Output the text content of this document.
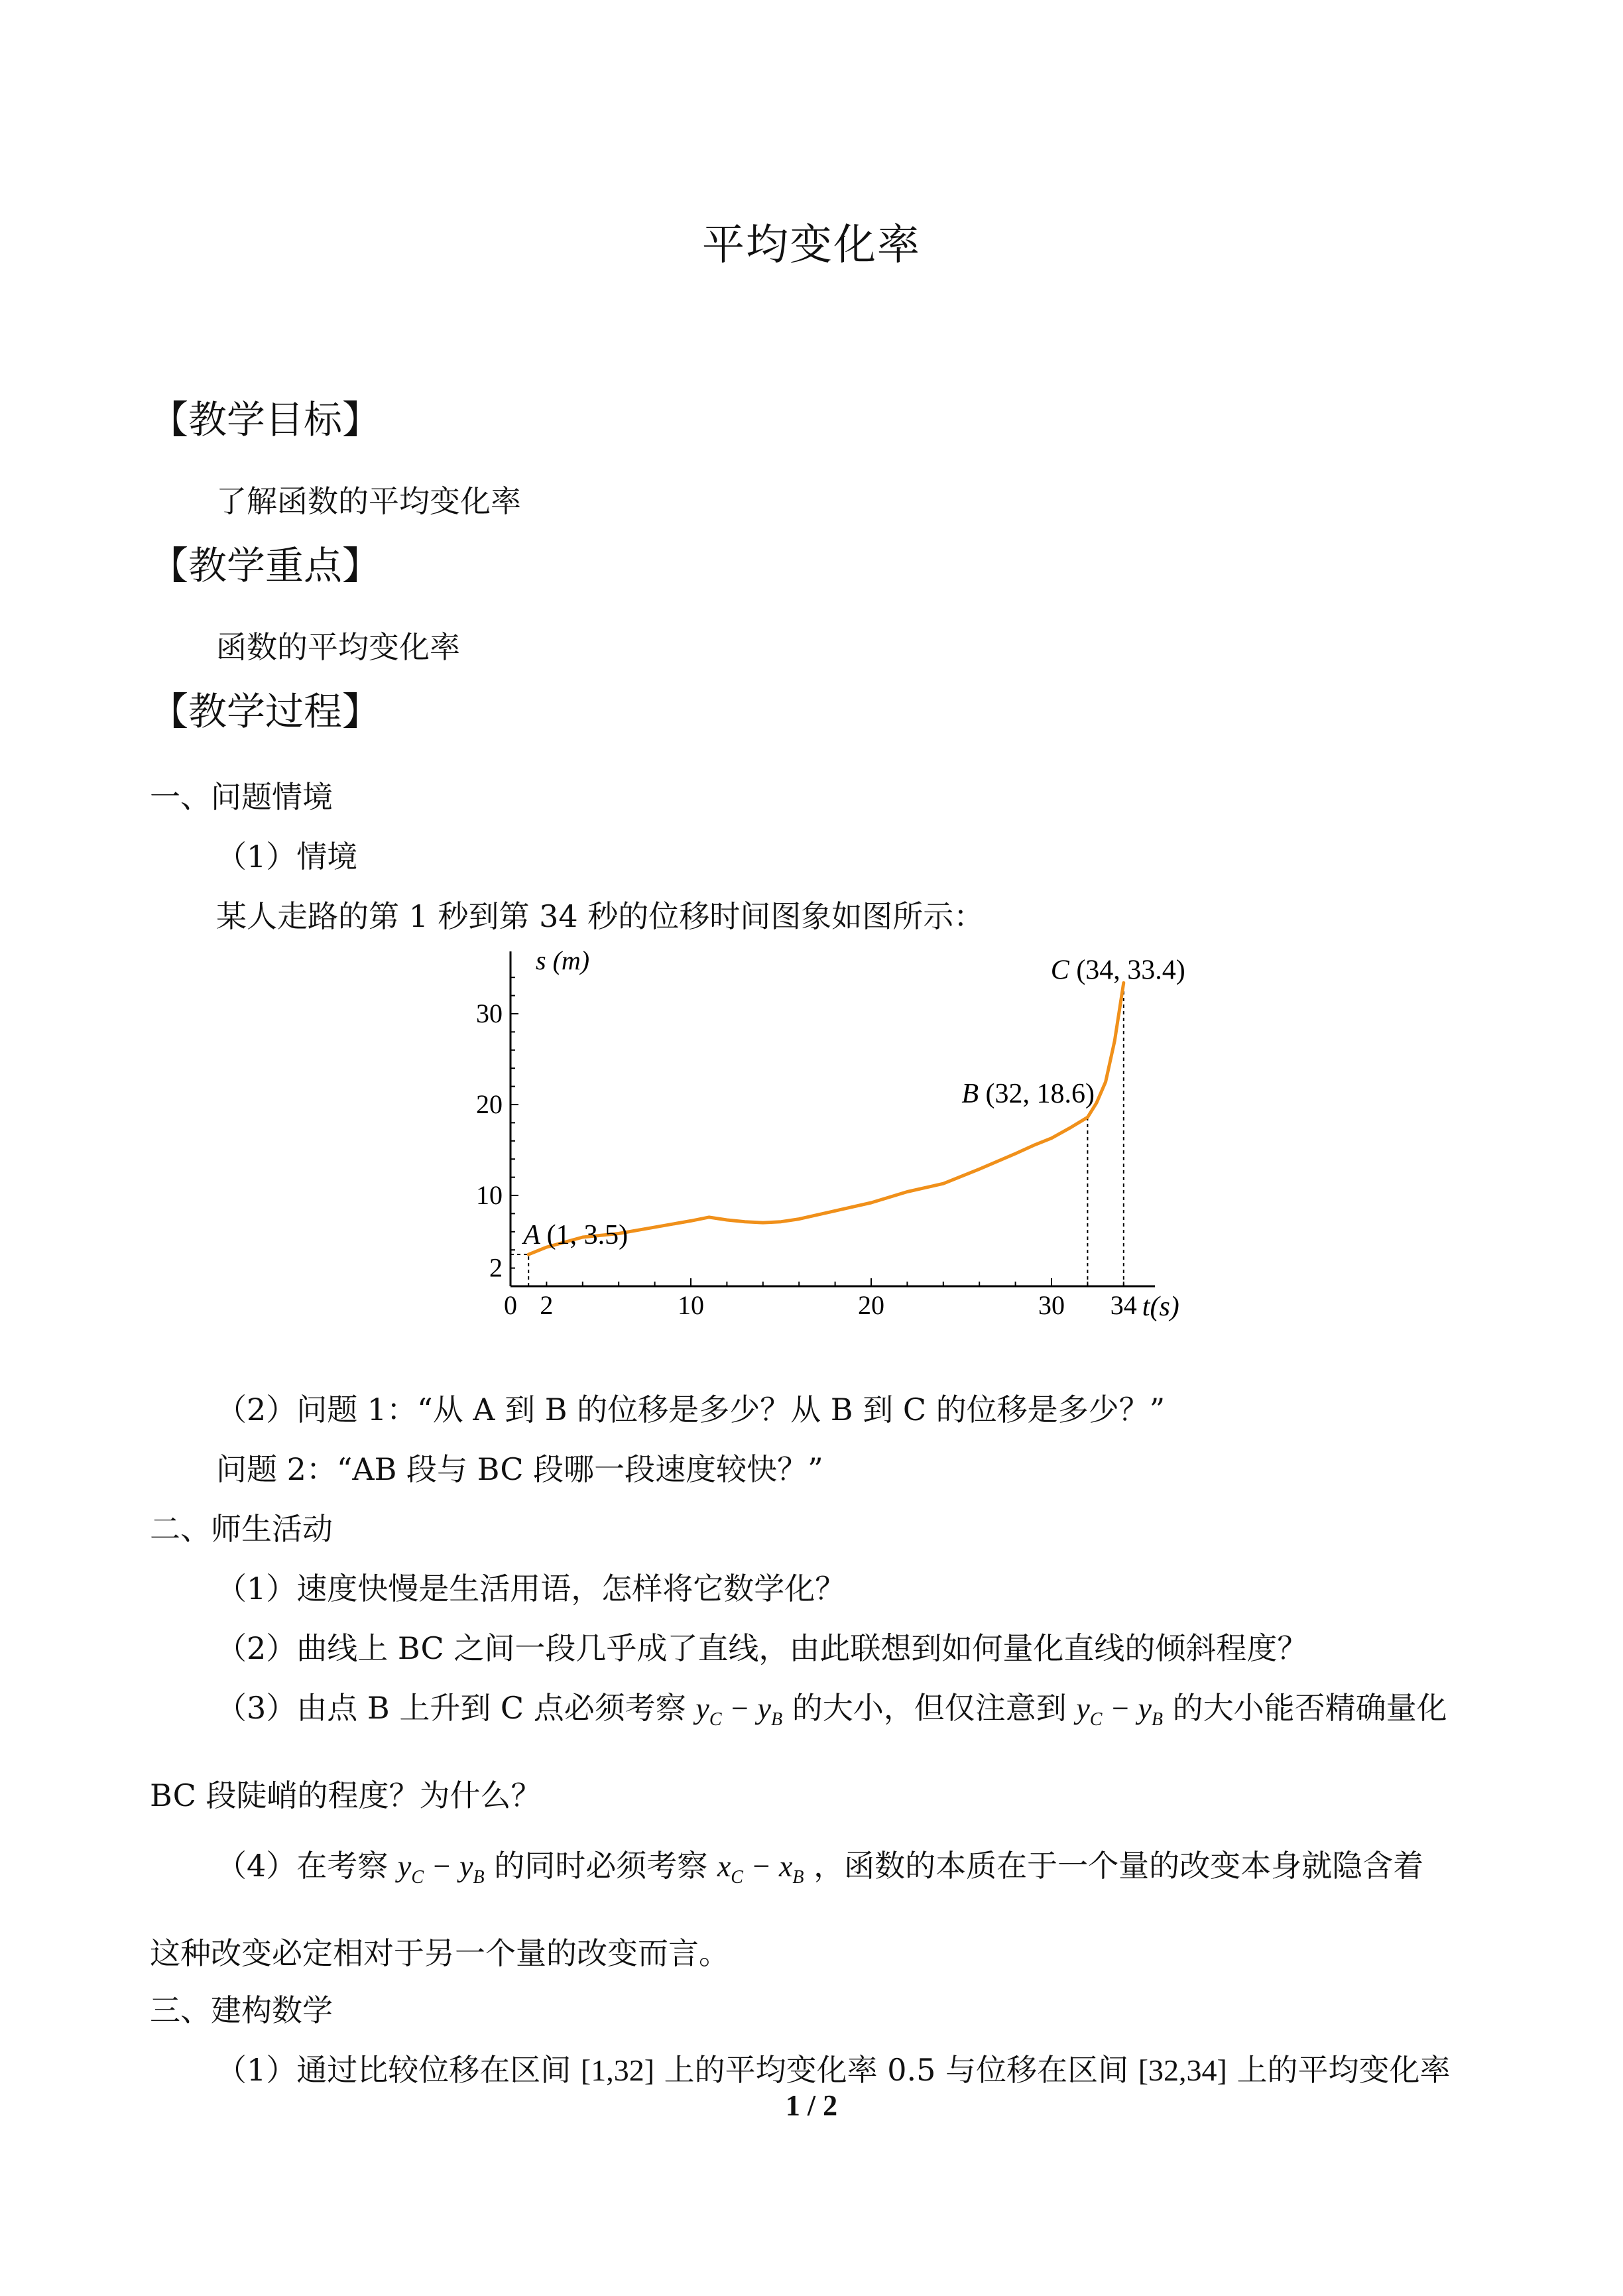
平均变化率
【教学目标】
了解函数的平均变化率
【教学重点】
函数的平均变化率
【教学过程】
一、问题情境
（1）情境
某人走路的第 1 秒到第 34 秒的位移时间图象如图所示：
0 2	10	20	30 34
2
10
20
30
s (m)
t(s)
A (1, 3.5)
B (32, 18.6)
C (34, 33.4)
（2）问题 1：“从 A 到 B 的位移是多少？从 B 到 C 的位移是多少？”
问题 2：“AB 段与 BC 段哪一段速度较快？”
二、师生活动
（1）速度快慢是生活用语，怎样将它数学化？
（2）曲线上 BC 之间一段几乎成了直线，由此联想到如何量化直线的倾斜程度？
（3）由点 B 上升到 C 点必须考察 $y_C - y_B$ 的大小，但仅注意到 $y_C - y_B$ 的大小能否精确量化
BC 段陡峭的程度？为什么？
（4）在考察 $y_C - y_B$ 的同时必须考察 $x_C - x_B$ ，函数的本质在于一个量的改变本身就隐含着
这种改变必定相对于另一个量的改变而言。
三、建构数学
（1）通过比较位移在区间 [1,32] 上的平均变化率 0.5 与位移在区间 [32,34] 上的平均变化率
1 / 2
